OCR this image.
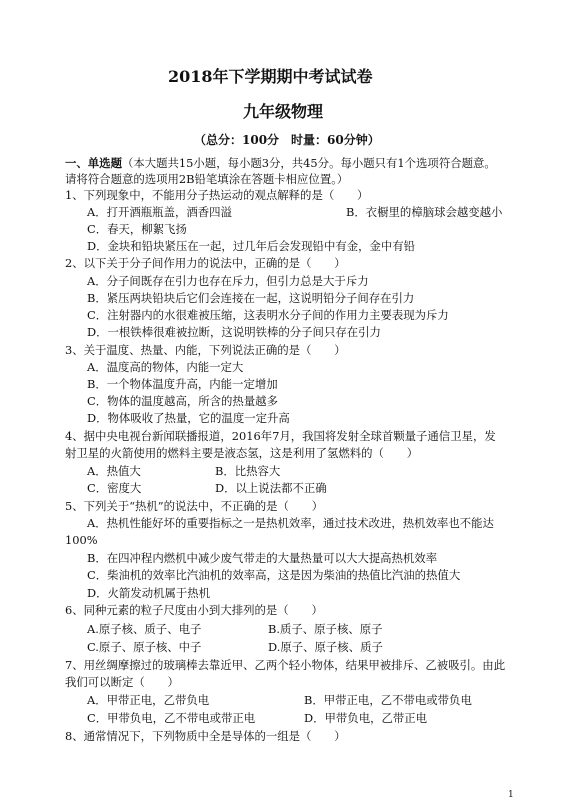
2018年下学期期中考试试卷
九年级物理
（总分：100分　时量：60分钟）
一、单选题（本大题共15小题，每小题3分，共45分。每小题只有1个选项符合题意。
请将符合题意的选项用2B铅笔填涂在答题卡相应位置。）
1、下列现象中，不能用分子热运动的观点解释的是（　　）
A．打开酒瓶瓶盖，酒香四溢	B．衣橱里的樟脑球会越变越小
C．春天，柳絮飞扬
D．金块和铅块紧压在一起，过几年后会发现铅中有金，金中有铅
2、以下关于分子间作用力的说法中，正确的是（　　）
A．分子间既存在引力也存在斥力，但引力总是大于斥力
B．紧压两块铅块后它们会连接在一起，这说明铅分子间存在引力
C．注射器内的水很难被压缩，这表明水分子间的作用力主要表现为斥力
D．一根铁棒很难被拉断，这说明铁棒的分子间只存在引力
3、关于温度、热量、内能，下列说法正确的是（　　）
A．温度高的物体，内能一定大
B．一个物体温度升高，内能一定增加
C．物体的温度越高，所含的热量越多
D．物体吸收了热量，它的温度一定升高
4、据中央电视台新闻联播报道，2016年7月，我国将发射全球首颗量子通信卫星，发
射卫星的火箭使用的燃料主要是液态氢，这是利用了氢燃料的（　　）
A．热值大	B．比热容大
C．密度大	D．以上说法都不正确
5、下列关于“热机”的说法中，不正确的是（　　）
A．热机性能好坏的重要指标之一是热机效率，通过技术改进，热机效率也不能达
100%
B．在四冲程内燃机中减少废气带走的大量热量可以大大提高热机效率
C．柴油机的效率比汽油机的效率高，这是因为柴油的热值比汽油的热值大
D．火箭发动机属于热机
6、同种元素的粒子尺度由小到大排列的是（　　）
A.原子核、质子、电子	B.质子、原子核、原子
C.原子、原子核、中子	D.原子、原子核、质子
7、用丝绸摩擦过的玻璃棒去靠近甲、乙两个轻小物体，结果甲被排斥、乙被吸引。由此
我们可以断定（　　）
A．甲带正电，乙带负电	B．甲带正电，乙不带电或带负电
C．甲带负电，乙不带电或带正电	D．甲带负电，乙带正电
8、通常情况下，下列物质中全是导体的一组是（　　）
1
